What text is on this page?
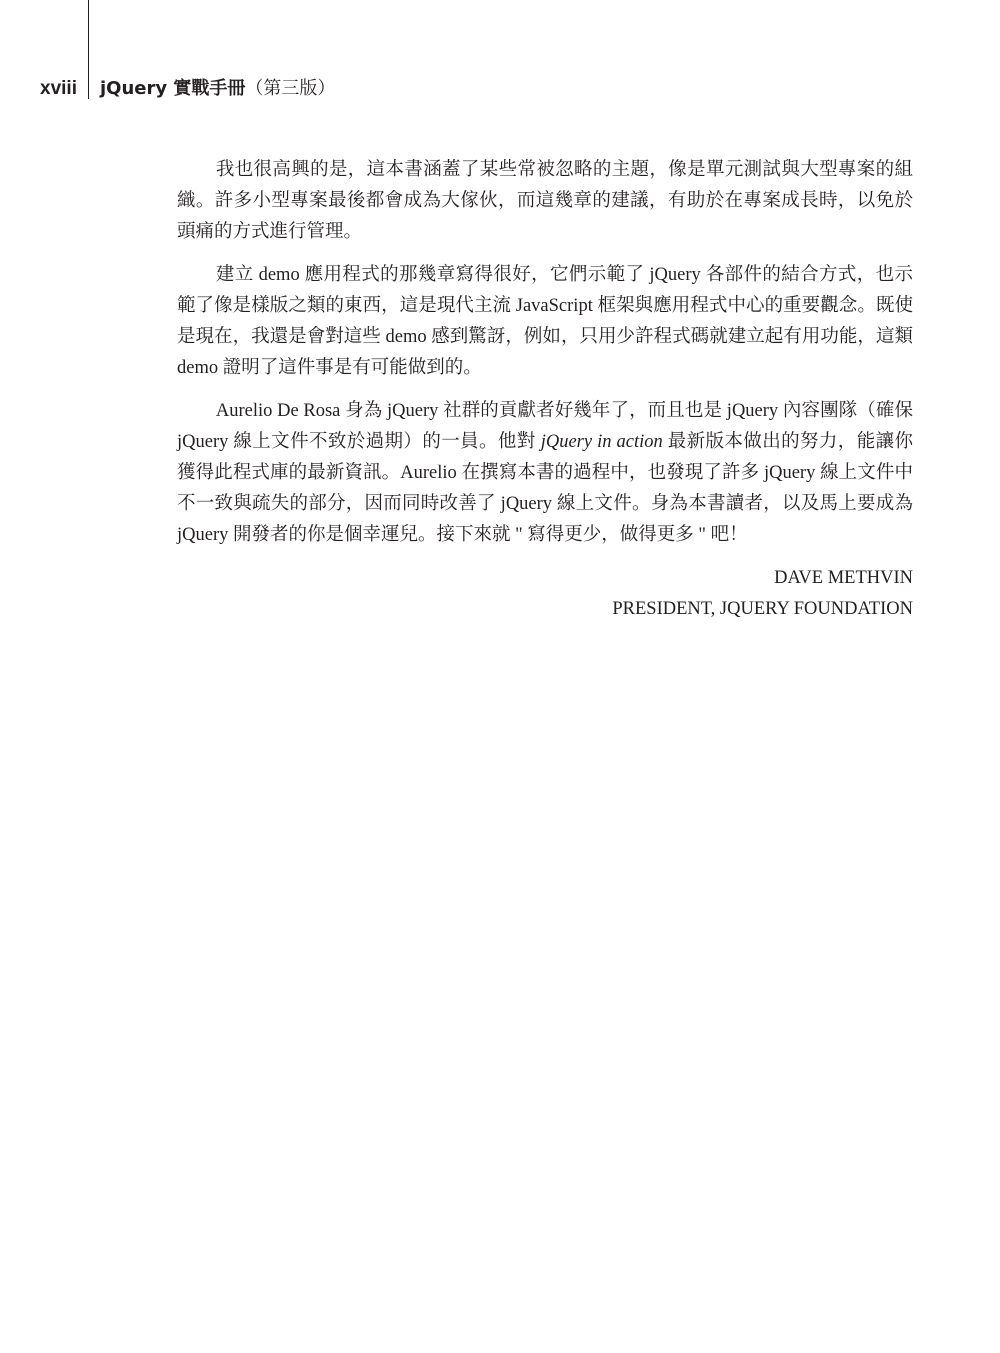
xviii jQuery 實戰手冊（第三版）

我也很高興的是，這本書涵蓋了某些常被忽略的主題，像是單元測試與大型專案的組織。許多小型專案最後都會成為大傢伙，而這幾章的建議，有助於在專案成長時，以免於頭痛的方式進行管理。

建立 demo 應用程式的那幾章寫得很好，它們示範了 jQuery 各部件的結合方式，也示範了像是樣版之類的東西，這是現代主流 JavaScript 框架與應用程式中心的重要觀念。既使是現在，我還是會對這些 demo 感到驚訝，例如，只用少許程式碼就建立起有用功能，這類 demo 證明了這件事是有可能做到的。

Aurelio De Rosa 身為 jQuery 社群的貢獻者好幾年了，而且也是 jQuery 內容團隊（確保 jQuery 線上文件不致於過期）的一員。他對 jQuery in action 最新版本做出的努力，能讓你獲得此程式庫的最新資訊。Aurelio 在撰寫本書的過程中，也發現了許多 jQuery 線上文件中不一致與疏失的部分，因而同時改善了 jQuery 線上文件。身為本書讀者，以及馬上要成為 jQuery 開發者的你是個幸運兒。接下來就 " 寫得更少，做得更多 " 吧！

DAVE METHVIN
PRESIDENT, JQUERY FOUNDATION
